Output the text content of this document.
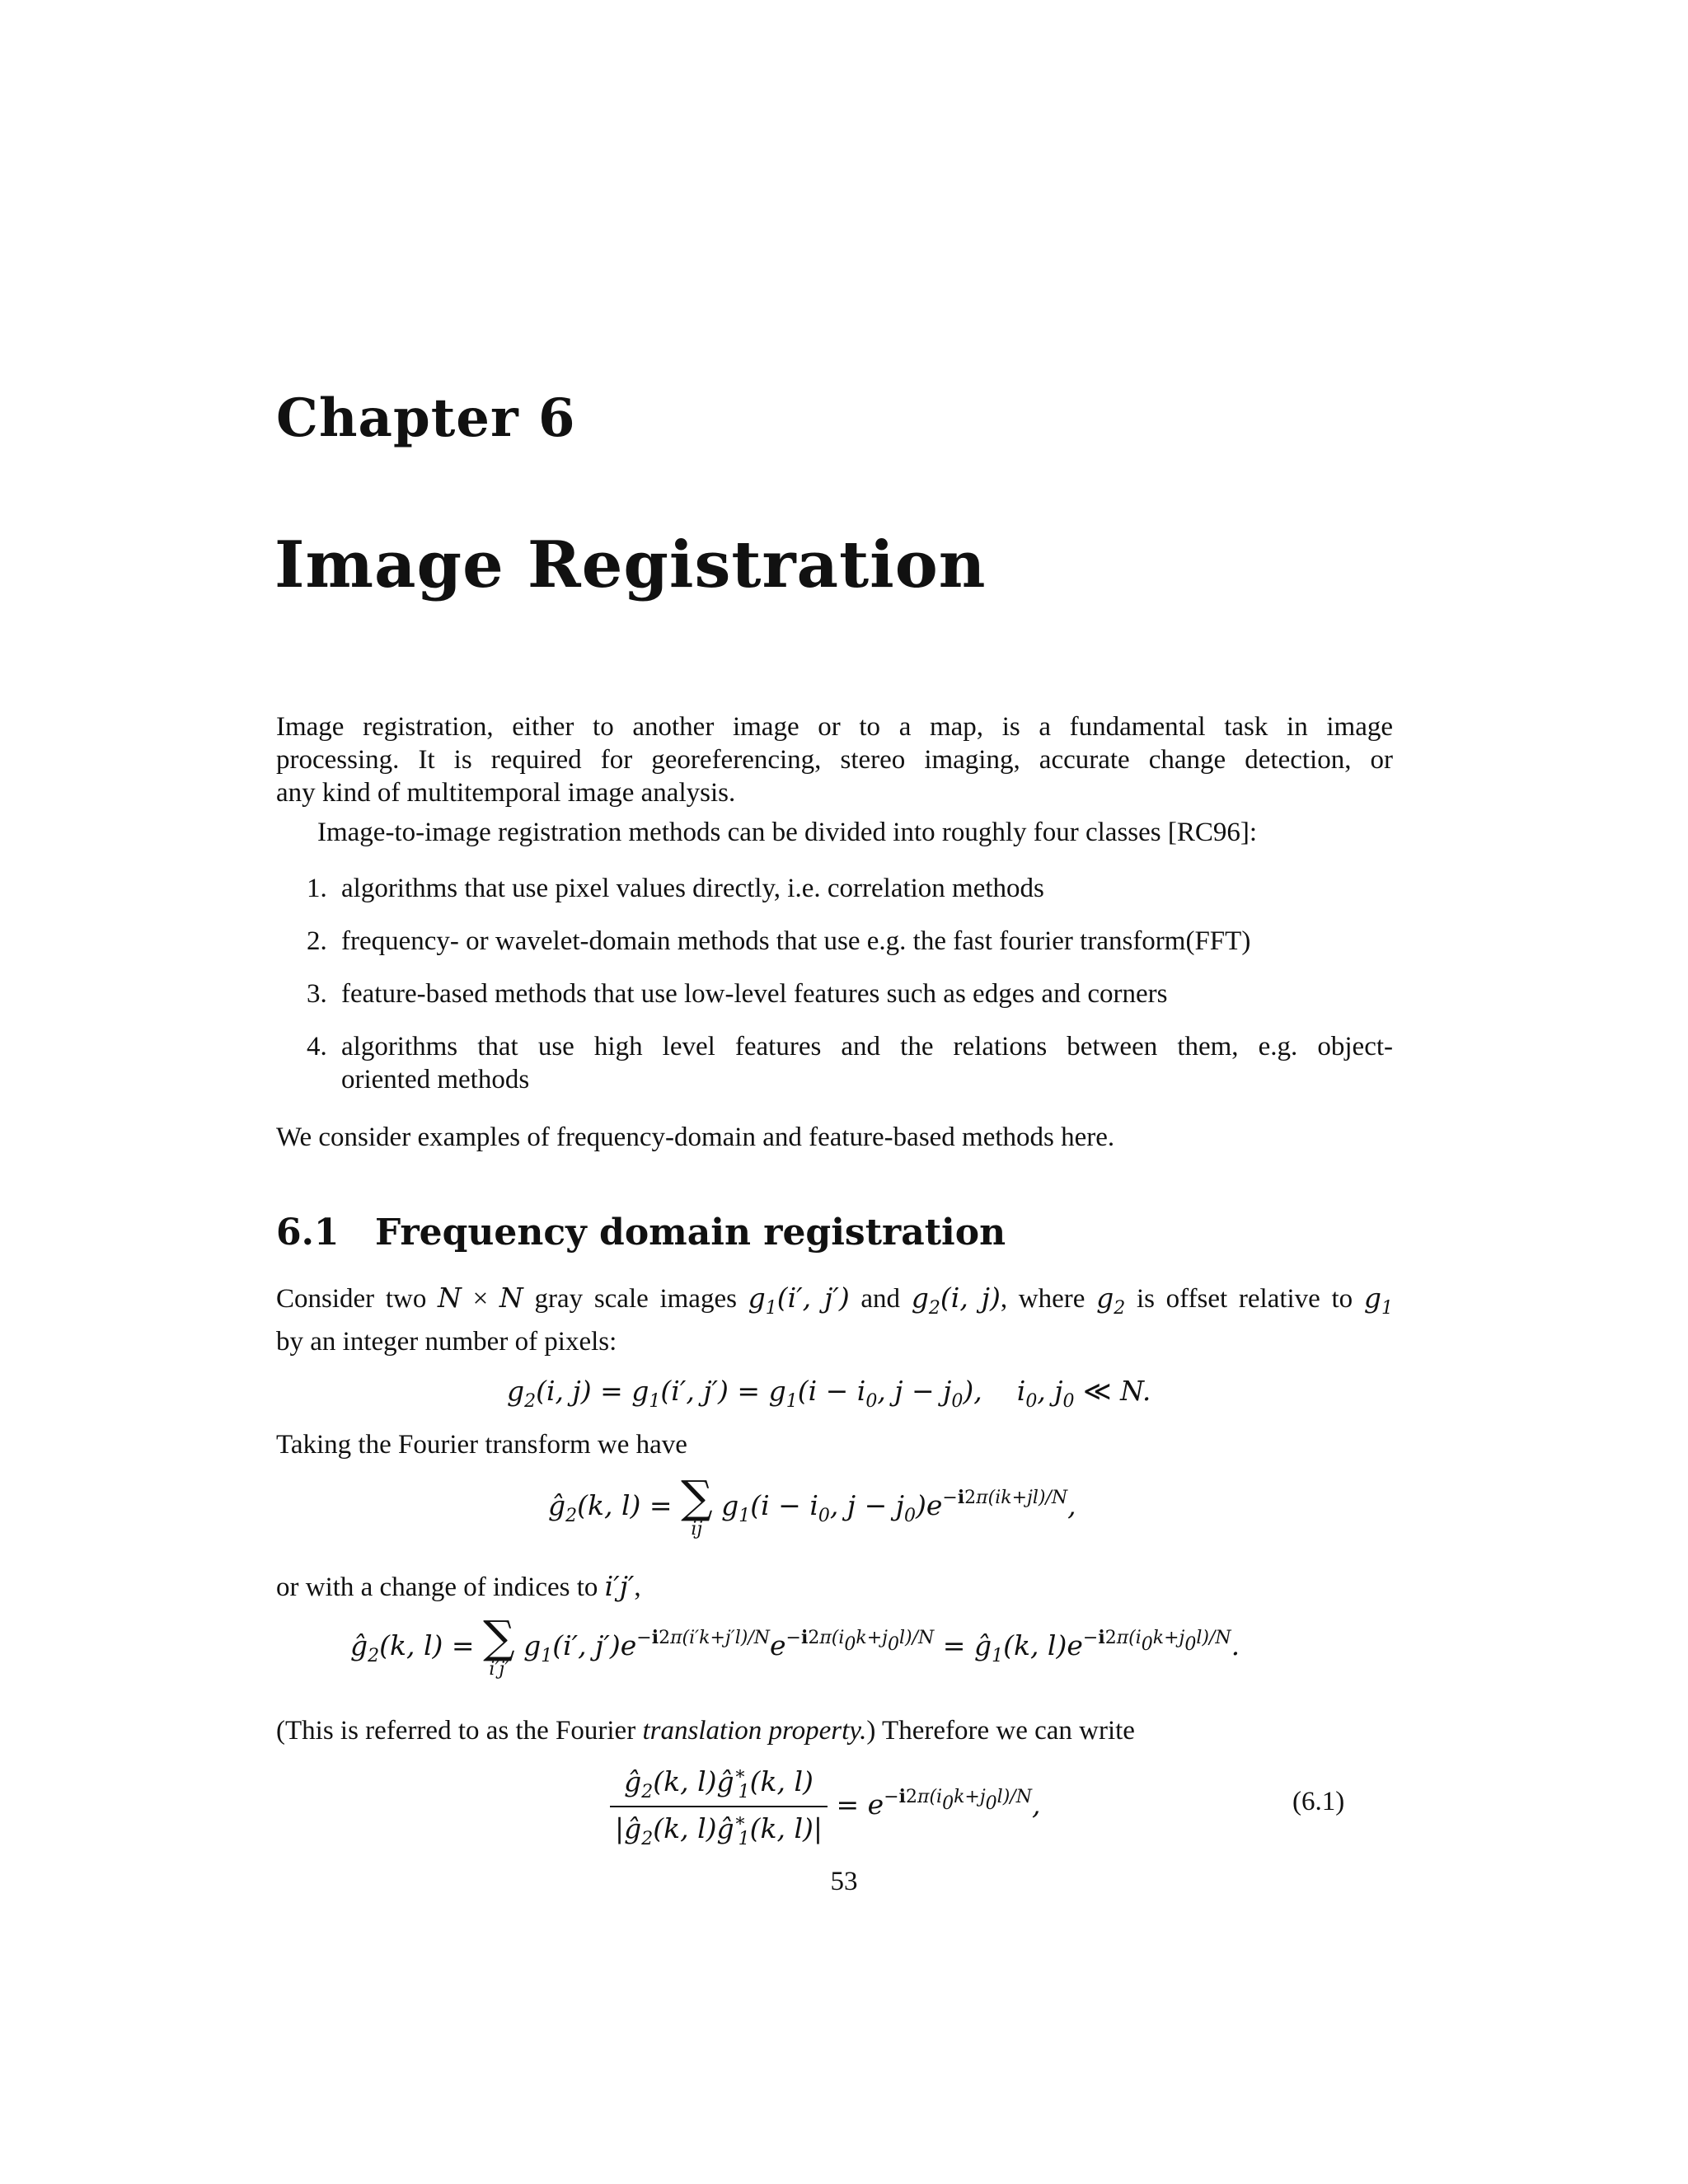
Chapter 6
Image Registration
Image registration, either to another image or to a map, is a fundamental task in image
processing. It is required for georeferencing, stereo imaging, accurate change detection, or
any kind of multitemporal image analysis.
Image-to-image registration methods can be divided into roughly four classes [RC96]:
1. algorithms that use pixel values directly, i.e. correlation methods
2. frequency- or wavelet-domain methods that use e.g. the fast fourier transform(FFT)
3. feature-based methods that use low-level features such as edges and corners
4. algorithms that use high level features and the relations between them, e.g. object-
oriented methods
We consider examples of frequency-domain and feature-based methods here.
6.1 Frequency domain registration
Consider two N × N gray scale images $g_1(i'$, j′) and $g_2(i$, j), where $g_2$ is offset relative to $g_1$
by an integer number of pixels:
$g_2(i$, $j) = g_1(i'$, $j') = g_1(i - i_0$, $j - j_0$),    $i_0$, $j_0$ ≪ N.
Taking the Fourier transform we have
$ĝ_2(k$, l) = ∑
ij
$g_1(i - i_0$, $j - j_0)e^{-i2\pi(ik+jl)/N}$,
or with a change of indices to i′j′,
$ĝ_2(k$, l) = ∑
i′j′
$g_1(i'$, $j')e^{-i2\pi(i'k+j'l)/N}e^{-i2\pi(i_0k+j_0l)/N}$ = $ĝ_1(k$, $l)e^{-i2\pi(i_0k+j_0l)/N}$.
(This is referred to as the Fourier translation property.) Therefore we can write
$\frac{ĝ_2(k, l)ĝ^∗_1(k, l)}{|ĝ_2(k, l)ĝ^∗_1(k, l)|} = e^{-i2\pi(i_0k+j_0l)/N}$,	(6.1)
53
